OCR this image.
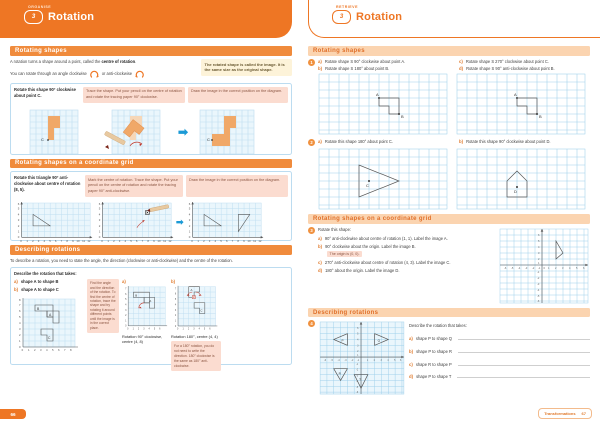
ORGANISE
3	Rotation
Rotating shapes
A rotation turns a shape around a point, called the centre of rotation.
You can rotate through an angle clockwise	or anti-clockwise
The rotated shape is called the image. It is the same size as the original shape.
Rotate this shape 90° clockwise about point C.
Trace the shape. Put your pencil on the centre of rotation and rotate the tracing paper 90° clockwise.
Draw the image in the correct position on the diagram.
C
➡
C
Rotating shapes on a coordinate grid
Rotate this triangle 90° anti-clockwise about centre of rotation (8, 5).
Mark the centre of rotation. Trace the shape. Put your pencil on the centre of rotation and rotate the tracing paper 90° anti-clockwise.
Draw the image in the correct position on the diagram.
0 1 2 3 4 5 6 7 8 9 10 11 12
0
1
2
3
4
5
6
0 1 2 3 4 5 6 7 8 9 10 11 12
0
1
2
3
4
5
6
➡
0 1 2 3 4 5 6 7 8 9 10 11 12
0
1
2
3
4
5
6
Describing rotations
To describe a rotation, you need to state the angle, the direction (clockwise or anti-clockwise) and the centre of the rotation.
Describe the rotation that takes:
a) shape A to shape B
b) shape A to shape C
B
A
C
0 1 2 3 4 5 6 7 8
0
1
2
3
4
5
6
7
8
Find the angle and the direction of the rotation. To find the centre of rotation, trace the shape and try rotating it around different points until the image is in the correct place.
a)
B
A
0 1 2 3 4 5 6
0
1
2
3
4
5
6
7
Rotation 90° clockwise, centre (4, 8)
b)
A
C
0 1 2 3 4 5 6
0
1
2
3
4
5
6
7
Rotation 180°, centre (4, 4)
For a 180° rotation, you do not need to write the direction. 180° clockwise is the same as 180° anti-clockwise.
66
RETRIEVE
3	Rotation
Rotating shapes
1	a) Rotate shape S 90° clockwise about point A.	c) Rotate shape S 270° clockwise about point C.
b) Rotate shape S 180° about point B.	d) Rotate shape S 90° anti-clockwise about point B.
A
B
A
B
2	a) Rotate this shape 180° about point C.	b) Rotate this shape 90° clockwise about point D.
C
D
Rotating shapes on a coordinate grid
3	Rotate this shape:
a) 90° anti-clockwise about centre of rotation (1, 1). Label the image A.
b) 90° clockwise about the origin. Label the image B.
The origin is (0, 0).
c) 270° anti-clockwise about centre of rotation (4, 3). Label the image C.
d) 180° about the origin. Label the image D.	-6 -5 -4 -3 -2 -1 0 1 2 3 4 5 6
6
5
4
3
2
1
-1
-2
-3
-4
-5
-6
Describing rotations
4
P	Q
R
T
-6 -5 -4 -3 -2 -1	1 2 3 4 5 6
6
5
4
3
2
1
-1
-2
-3
-4
-5
-6
Describe the rotation that takes:
a) shape P to shape Q
b) shape P to shape R
c) shape R to shape P
d) shape P to shape T
Transformations 67
